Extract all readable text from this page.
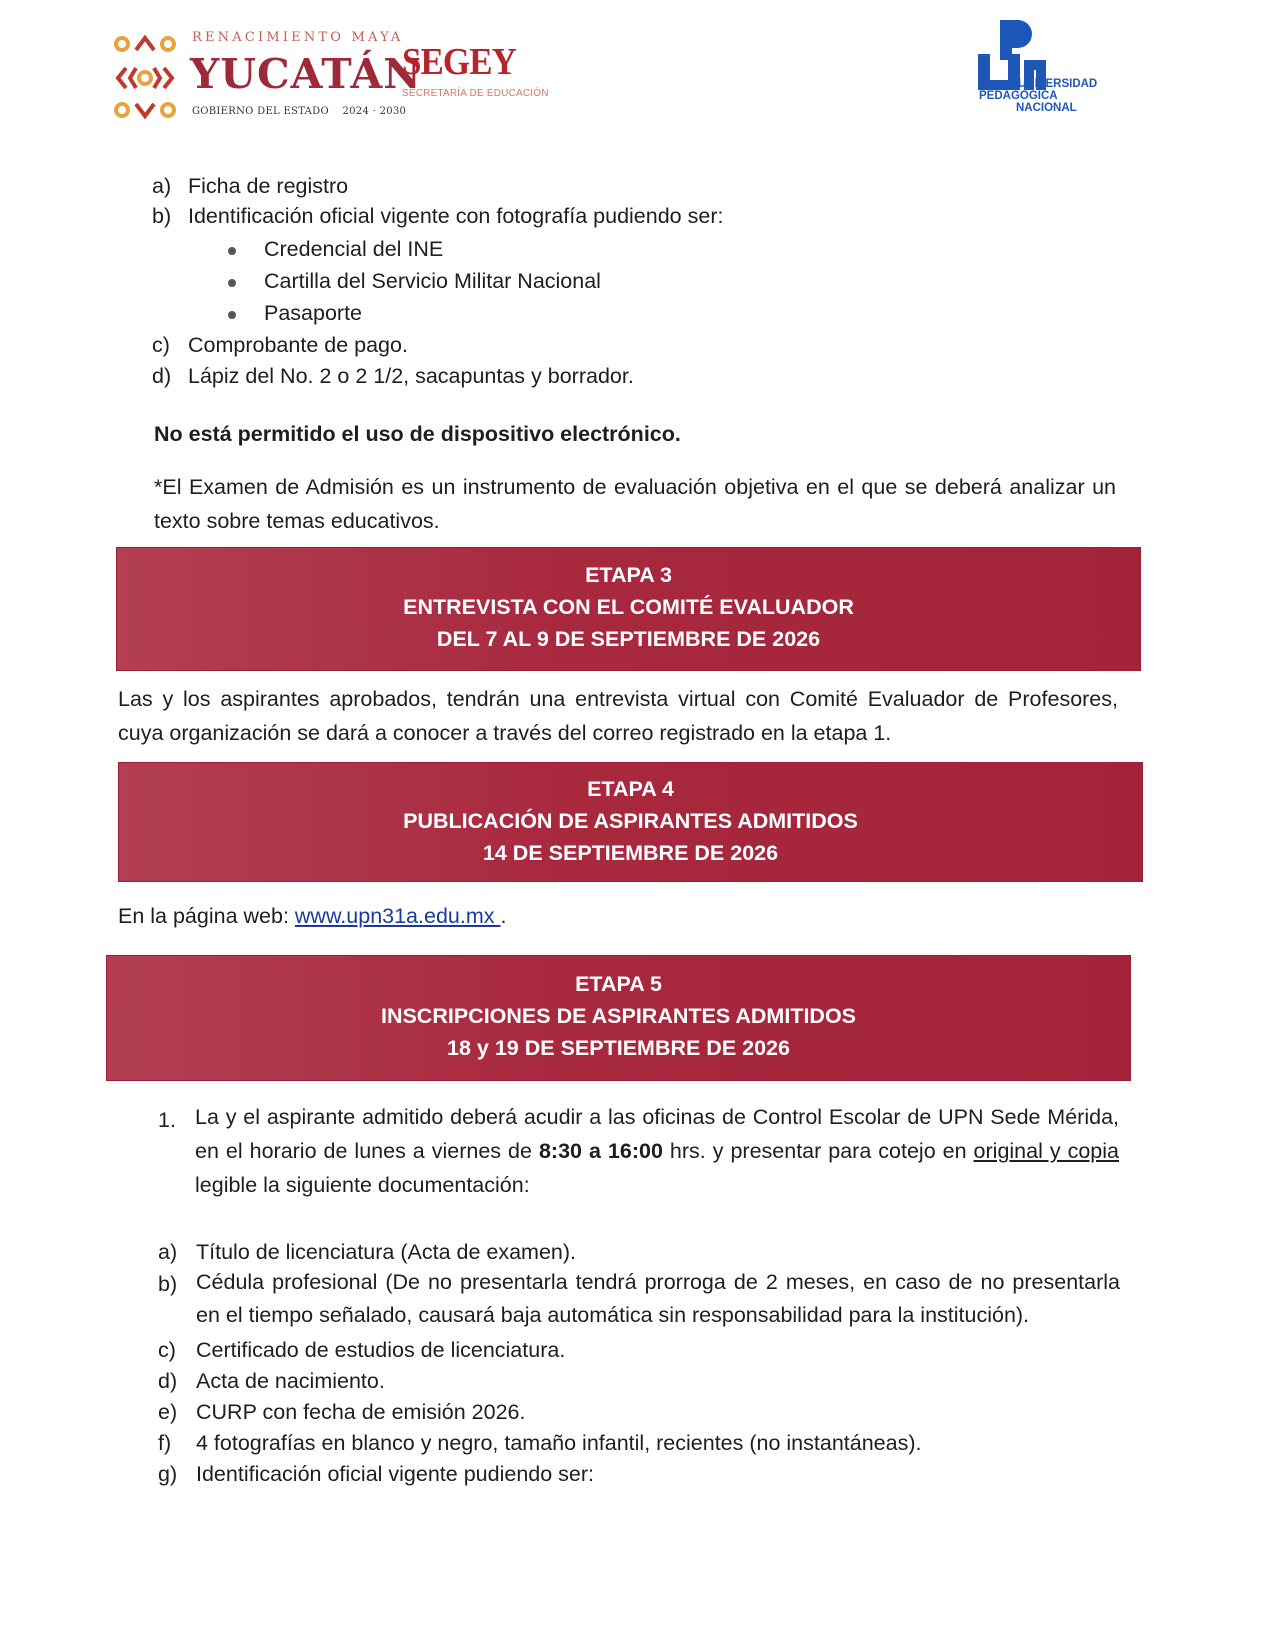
RENACIMIENTO MAYA
YUCATÁN
GOBIERNO DEL ESTADO 2024 · 2030
SEGEY
SECRETARÍA DE EDUCACIÓN
UNIVERSIDAD
PEDAGÓGICA
NACIONAL
a) Ficha de registro
b) Identificación oficial vigente con fotografía pudiendo ser:
Credencial del INE
Cartilla del Servicio Militar Nacional
Pasaporte
c) Comprobante de pago.
d) Lápiz del No. 2 o 2 1/2, sacapuntas y borrador.
No está permitido el uso de dispositivo electrónico.
*El Examen de Admisión es un instrumento de evaluación objetiva en el que se deberá analizar un texto sobre temas educativos.
ETAPA 3
ENTREVISTA CON EL COMITÉ EVALUADOR
DEL 7 AL 9 DE SEPTIEMBRE DE 2026
Las y los aspirantes aprobados, tendrán una entrevista virtual con Comité Evaluador de Profesores, cuya organización se dará a conocer a través del correo registrado en la etapa 1.
ETAPA 4
PUBLICACIÓN DE ASPIRANTES ADMITIDOS
14 DE SEPTIEMBRE DE 2026
En la página web: www.upn31a.edu.mx .
ETAPA 5
INSCRIPCIONES DE ASPIRANTES ADMITIDOS
18 y 19 DE SEPTIEMBRE DE 2026
1. La y el aspirante admitido deberá acudir a las oficinas de Control Escolar de UPN Sede Mérida, en el horario de lunes a viernes de 8:30 a 16:00 hrs. y presentar para cotejo en original y copia legible la siguiente documentación:
a) Título de licenciatura (Acta de examen).
b) Cédula profesional (De no presentarla tendrá prorroga de 2 meses, en caso de no presentarla en el tiempo señalado, causará baja automática sin responsabilidad para la institución).
c) Certificado de estudios de licenciatura.
d) Acta de nacimiento.
e) CURP con fecha de emisión 2026.
f) 4 fotografías en blanco y negro, tamaño infantil, recientes (no instantáneas).
g) Identificación oficial vigente pudiendo ser:
